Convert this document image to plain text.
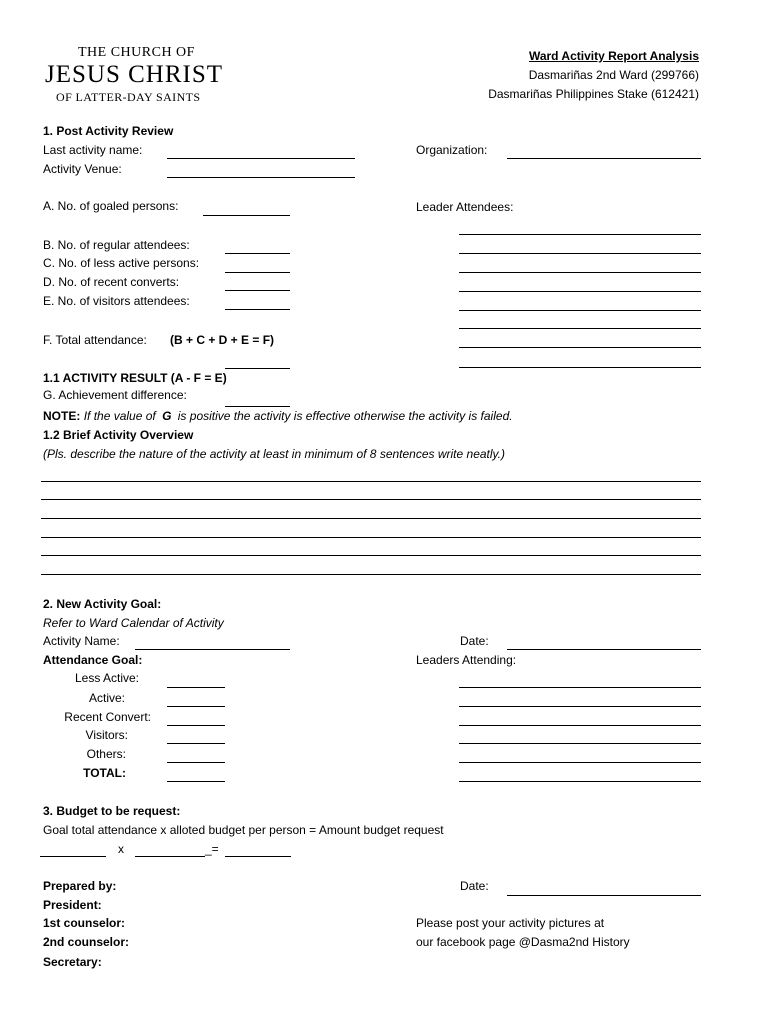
THE CHURCH OF
JESUS CHRIST
OF LATTER-DAY SAINTS
Ward Activity Report Analysis
Dasmariñas 2nd Ward (299766)
Dasmariñas Philippines Stake (612421)
1. Post Activity Review
Last activity name:
Activity Venue:
Organization:
A. No. of goaled persons:	Leader Attendees:
B. No. of regular attendees:
C. No. of less active persons:
D. No. of recent converts:
E. No. of visitors attendees:
F. Total attendance: (B + C + D + E = F)
1.1 ACTIVITY RESULT (A - F = E)
G. Achievement difference:
NOTE: If the value of G is positive the activity is effective otherwise the activity is failed.
1.2 Brief Activity Overview
(Pls. describe the nature of the activity at least in minimum of 8 sentences write neatly.)
2. New Activity Goal:
Refer to Ward Calendar of Activity
Activity Name:	Date:
Attendance Goal:	Leaders Attending:
Less Active:
Active:
Recent Convert:
Visitors:
Others:
TOTAL:
3. Budget to be request:
Goal total attendance x alloted budget per person = Amount budget request
x	_=
Prepared by:
President:
1st counselor:
2nd counselor:
Secretary:
Date:
Please post your activity pictures at
our facebook page @Dasma2nd History
